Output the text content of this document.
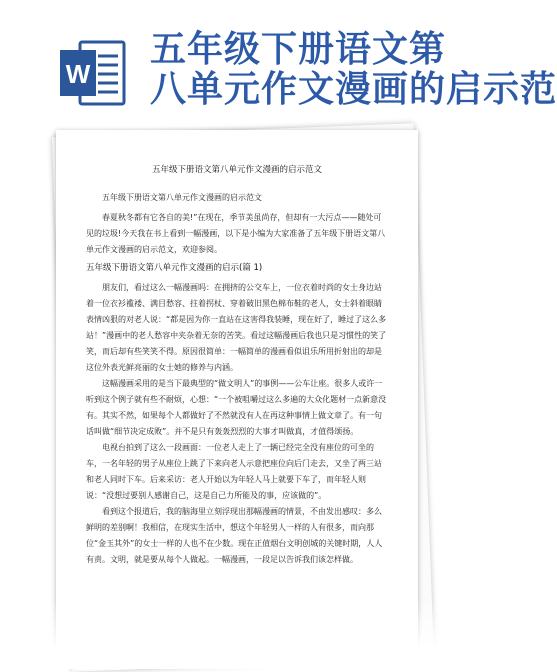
W
五年级下册语文第
八单元作文漫画的启示范
五年级下册语文第八单元作文漫画的启示范文
五年级下册语文第八单元作文漫画的启示范文
春夏秋冬都有它各自的美!”在现在，季节美虽尚存，但却有一大污点——随处可见的垃圾!今天我在书上看到一幅漫画，以下是小编为大家准备了五年级下册语文第八单元作文漫画的启示范文，欢迎参阅。
五年级下册语文第八单元作文漫画的启示(篇 1)
朋友们，看过这么一幅漫画吗：在拥挤的公交车上，一位衣着时尚的女士身边站着一位衣衫褴褛、满目愁容、拄着拐杖、穿着破旧黑色棉布鞋的老人，女士斜着眼睛表情凶狠的对老人说：“都是因为你一直站在这害得我装睡，现在好了，睡过了这么多站！”漫画中的老人愁容中夹杂着无奈的苦笑。看过这幅漫画后我也只是习惯性的笑了笑，而后却有些笑笑不得。原因很简单：一幅简单的漫画看似诅乐所用折射出的却是这位外表光鲜亮丽的女士她的修养与内涵。
这幅漫画采用的是当下最典型的“做文明人”的事例——公车让座。很多人或许一听到这个例子就有些不耐烦，心想：“一个被咀嚼过这么多遍的大众化题材一点新意没有。其实不然，如果每个人都做好了不然就没有人在再这种事情上做文章了。有一句话叫做“细节决定成败”。并不是只有轰轰烈烈的大事才叫做真，才值得颂扬。
电视台拍到了这么一段画面：一位老人走上了一辆已经完全没有座位的可坐的车，一名年轻的男子从座位上跳了下来向老人示意把座位向后门走去，又坐了两三站和老人同时下车。后来采访：老人开始以为年轻人马上就要下车了，而年轻人则说：“没想过要别人感谢自己，这是自己力所能及的事，应该做的”。
看到这个报道后，我的脑海里立刻浮现出那幅漫画的情景，不由发出感叹：多么鲜明的差别啊！我相信，在现实生活中，想这个年轻男人一样的人有很多，而向那位“金玉其外”的女士一样的人也不在少数。现在正值烟台文明创城的关键时期，人人有责。文明，就是要从每个人做起。一幅漫画，一段足以告诉我们该怎样做。
